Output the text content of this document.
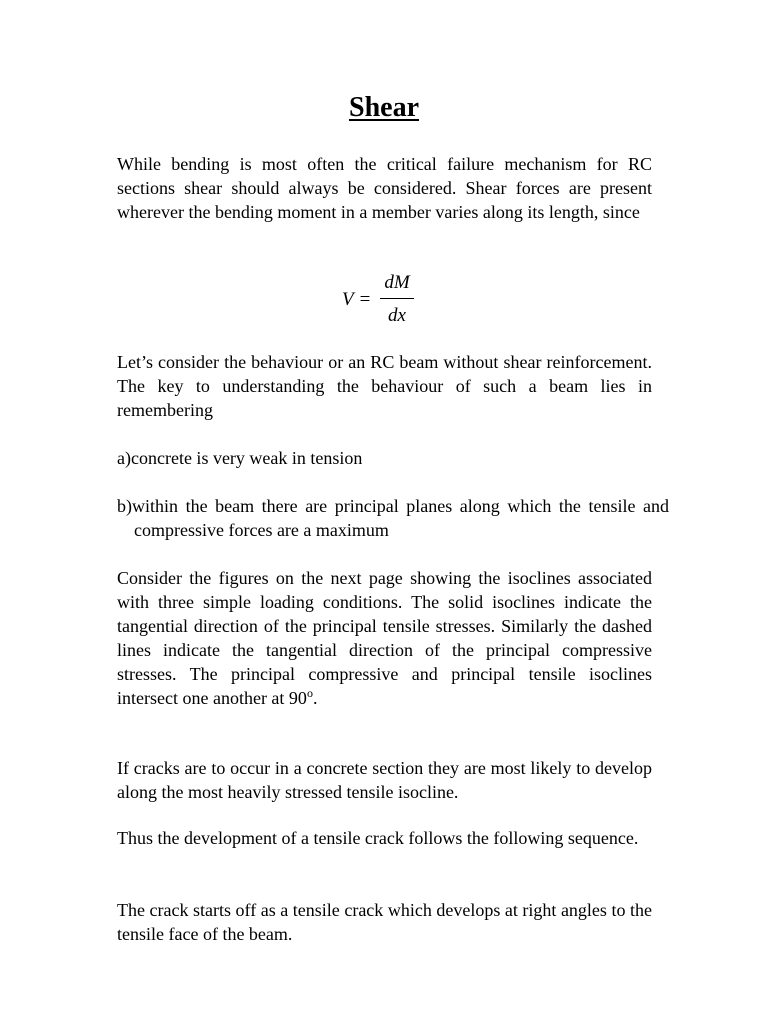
Shear
While bending is most often the critical failure mechanism for RC sections shear should always be considered. Shear forces are present wherever the bending moment in a member varies along its length, since
$V = \frac{dM}{dx}$
Let’s consider the behaviour or an RC beam without shear reinforcement. The key to understanding the behaviour of such a beam lies in remembering
a)concrete is very weak in tension
b)within the beam there are principal planes along which the tensile and compressive forces are a maximum
Consider the figures on the next page showing the isoclines associated with three simple loading conditions. The solid isoclines indicate the tangential direction of the principal tensile stresses. Similarly the dashed lines indicate the tangential direction of the principal compressive stresses. The principal compressive and principal tensile isoclines intersect one another at 90$^o$.
If cracks are to occur in a concrete section they are most likely to develop along the most heavily stressed tensile isocline.
Thus the development of a tensile crack follows the following sequence.
The crack starts off as a tensile crack which develops at right angles to the tensile face of the beam.
